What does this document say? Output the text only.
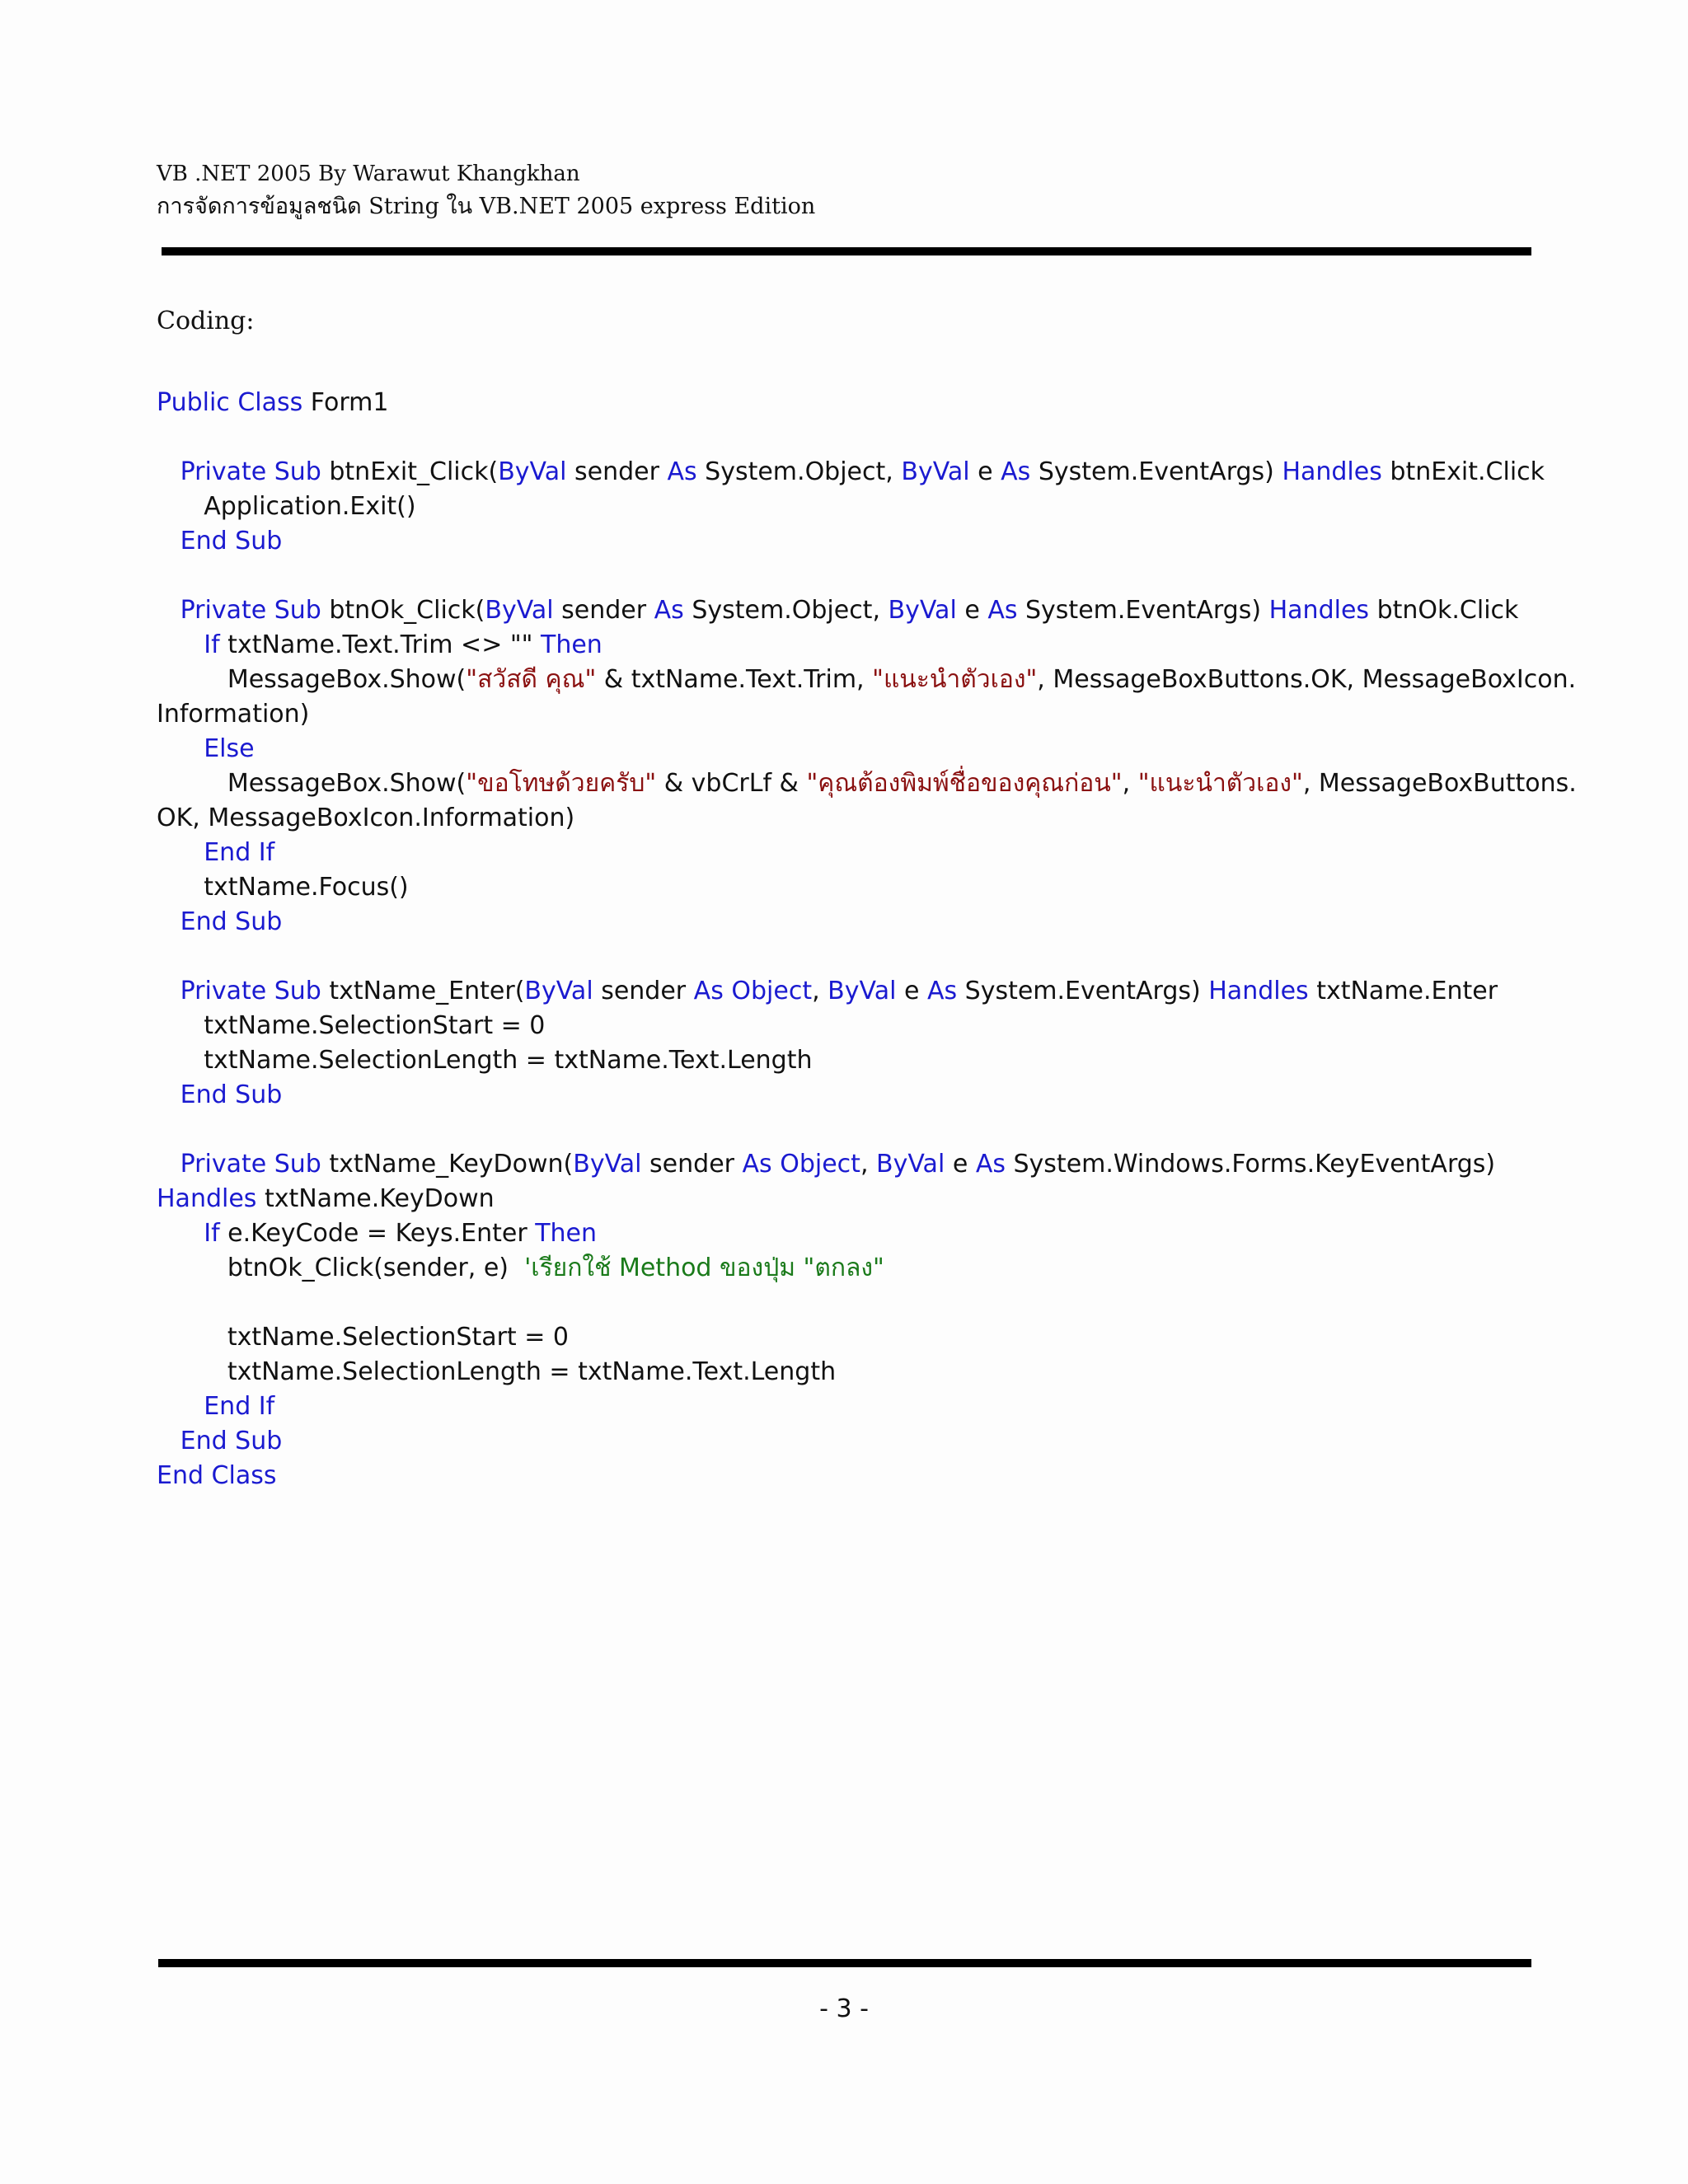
VB .NET 2005 By Warawut Khangkhan
การจัดการข้อมูลชนิด String ใน VB.NET 2005 express Edition
Coding:
Public Class Form1
Private Sub btnExit_Click(ByVal sender As System.Object, ByVal e As System.EventArgs) Handles btnExit.Click
Application.Exit()
End Sub
Private Sub btnOk_Click(ByVal sender As System.Object, ByVal e As System.EventArgs) Handles btnOk.Click
If txtName.Text.Trim <> "" Then
MessageBox.Show("สวัสดี คุณ" & txtName.Text.Trim, "แนะนำตัวเอง", MessageBoxButtons.OK, MessageBoxIcon.
Information)
Else
MessageBox.Show("ขอโทษด้วยครับ" & vbCrLf & "คุณต้องพิมพ์ชื่อของคุณก่อน", "แนะนำตัวเอง", MessageBoxButtons.
OK, MessageBoxIcon.Information)
End If
txtName.Focus()
End Sub
Private Sub txtName_Enter(ByVal sender As Object, ByVal e As System.EventArgs) Handles txtName.Enter
txtName.SelectionStart = 0
txtName.SelectionLength = txtName.Text.Length
End Sub
Private Sub txtName_KeyDown(ByVal sender As Object, ByVal e As System.Windows.Forms.KeyEventArgs)
Handles txtName.KeyDown
If e.KeyCode = Keys.Enter Then
btnOk_Click(sender, e)  'เรียกใช้ Method ของปุ่ม "ตกลง"
txtName.SelectionStart = 0
txtName.SelectionLength = txtName.Text.Length
End If
End Sub
End Class
- 3 -
